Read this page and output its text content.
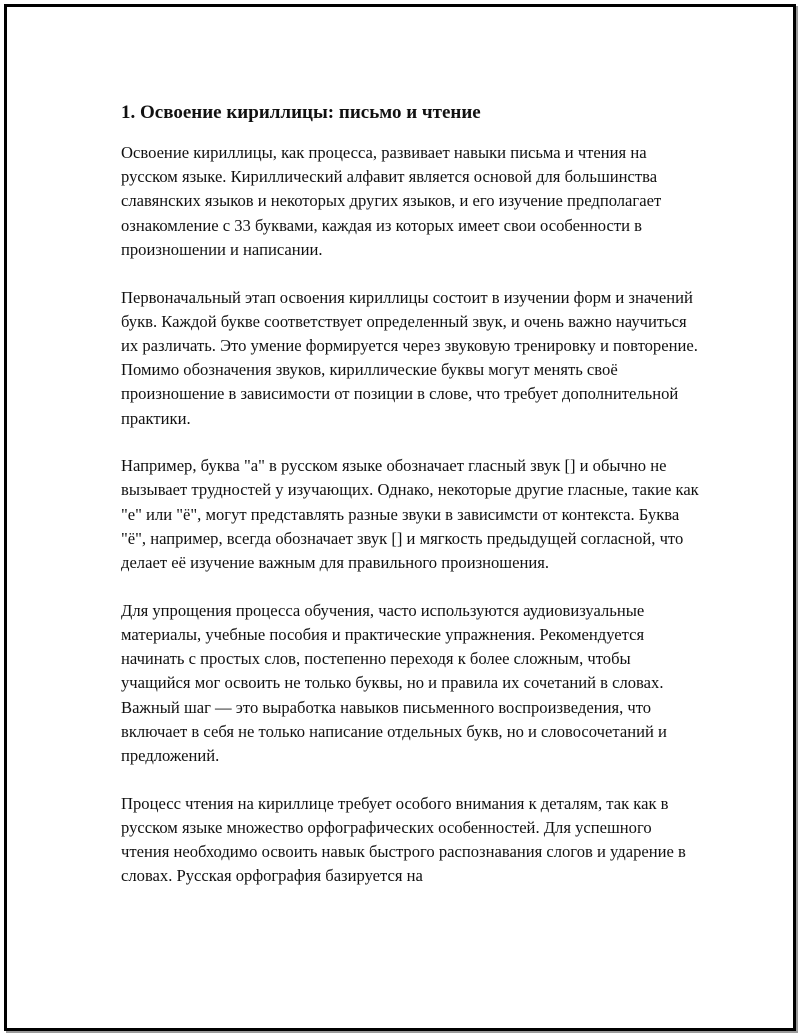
1. Освоение кириллицы: письмо и чтение

Освоение кириллицы, как процесса, развивает навыки письма и чтения на русском языке. Кириллический алфавит является основой для большинства славянских языков и некоторых других языков, и его изучение предполагает ознакомление с 33 буквами, каждая из которых имеет свои особенности в произношении и написании.

Первоначальный этап освоения кириллицы состоит в изучении форм и значений букв. Каждой букве соответствует определенный звук, и очень важно научиться их различать. Это умение формируется через звуковую тренировку и повторение. Помимо обозначения звуков, кириллические буквы могут менять своё произношение в зависимости от позиции в слове, что требует дополнительной практики.

Например, буква "а" в русском языке обозначает гласный звук [] и обычно не вызывает трудностей у изучающих. Однако, некоторые другие гласные, такие как "е" или "ё", могут представлять разные звуки в зависимсти от контекста. Буква "ё", например, всегда обозначает звук [] и мягкость предыдущей согласной, что делает её изучение важным для правильного произношения.

Для упрощения процесса обучения, часто используются аудиовизуальные материалы, учебные пособия и практические упражнения. Рекомендуется начинать с простых слов, постепенно переходя к более сложным, чтобы учащийся мог освоить не только буквы, но и правила их сочетаний в словах. Важный шаг — это выработка навыков письменного воспроизведения, что включает в себя не только написание отдельных букв, но и словосочетаний и предложений.

Процесс чтения на кириллице требует особого внимания к деталям, так как в русском языке множество орфографических особенностей. Для успешного чтения необходимо освоить навык быстрого распознавания слогов и ударение в словах. Русская орфография базируется на
